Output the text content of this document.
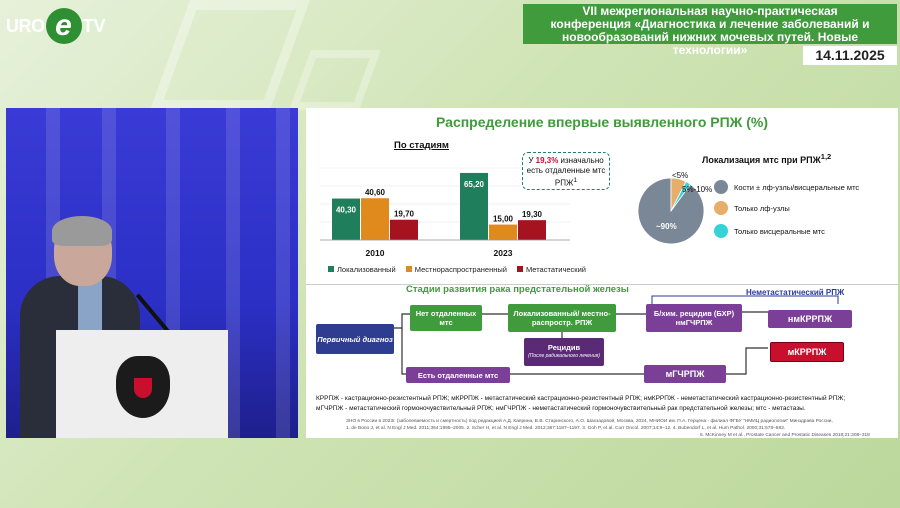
URO e TV
VII межрегиональная научно-практическая
конференция «Диагностика и лечение заболеваний и
новообразований нижних мочевых путей. Новые технологии»	14.11.2025
Распределение впервые выявленного РПЖ (%)
По стадиям
40,30
40,60
19,70
2010
65,20
15,00 19,30
2023
У 19,3% изначально есть отдаленные мтс РПЖ$^1$
Локализованный	Местнораспространенный	Метастатический
Локализация мтс при РПЖ$^{1,2}$
<5%
5%-10%
~90%
Кости ± лф-узлы/висцеральные мтс
Только лф-узлы
Только висцеральные мтс
Стадии развития рака предстательной железы	Неметастатический РПЖ
Первичный диагноз
Нет отдаленных мтс
Локализованный/ местно-распростр. РПЖ
Б/хим. рецидив (БХР) нмГЧРПЖ	нмКРРПЖ
мКРРПЖ
Рецидив
(После радикального лечения)
Есть отдаленные мтс	мГЧРПЖ
КРРПЖ - кастрационно-резистентный РПЖ; мКРРПЖ - метастатический кастрационно-резистентный РПЖ; нмКРРПЖ - неметастатический кастрационно-резистентный РПЖ;
мГЧРПЖ - метастатический гормоночувствительный РПЖ; нмГЧРПЖ - неметастатический гормоночувствительный рак предстательной железы; мтс - метастазы.
ЗНО в России в 2023г. (заболеваемость и смертность) под редакцией А.Д. Каприна, В.В. Старинского, А.О. Шахзадовой, Москва, 2024, МНИОИ им. П.А. Герцена - филиал ФГБУ "НМИЦ радиологии" Минздрава России,
1. de Bono J, et al. N Engl J Med. 2011;364:1995–2005. 2. Scher H, et al. N Engl J Med. 2012;367:1187–1197. 3. Goh P, et al. Curr Oncol. 2007;14:9–12. 4. Bubendorf L, et al. Hum Pathol. 2000;31:578–583.
5. McKinney M et al., Prostate Cancer and Prostatic Diseases 2018;21:308–318
